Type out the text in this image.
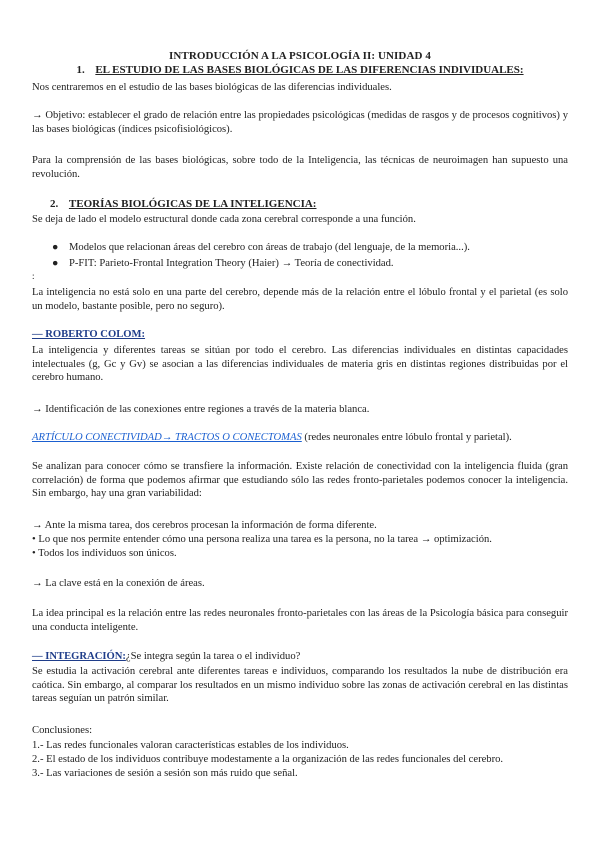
INTRODUCCIÓN A LA PSICOLOGÍA II: UNIDAD 4
1. EL ESTUDIO DE LAS BASES BIOLÓGICAS DE LAS DIFERENCIAS INDIVIDUALES:
Nos centraremos en el estudio de las bases biológicas de las diferencias individuales.
→ Objetivo: establecer el grado de relación entre las propiedades psicológicas (medidas de rasgos y de procesos cognitivos) y las bases biológicas (índices psicofisiológicos).
Para la comprensión de las bases biológicas, sobre todo de la Inteligencia, las técnicas de neuroimagen han supuesto una revolución.
2. TEORÍAS BIOLÓGICAS DE LA INTELIGENCIA:
Se deja de lado el modelo estructural donde cada zona cerebral corresponde a una función.
● Modelos que relacionan áreas del cerebro con áreas de trabajo (del lenguaje, de la memoria...).
● P-FIT: Parieto-Frontal Integration Theory (Haier) → Teoría de conectividad.
:
La inteligencia no está solo en una parte del cerebro, depende más de la relación entre el lóbulo frontal y el parietal (es solo un modelo, bastante posible, pero no seguro).
— ROBERTO COLOM:
La inteligencia y diferentes tareas se sitúan por todo el cerebro. Las diferencias individuales en distintas capacidades intelectuales (g, Gc y Gv) se asocian a las diferencias individuales de materia gris en distintas regiones distribuidas por el cerebro humano.
→ Identificación de las conexiones entre regiones a través de la materia blanca.
ARTÍCULO CONECTIVIDAD→ TRACTOS O CONECTOMAS (redes neuronales entre lóbulo frontal y parietal).
Se analizan para conocer cómo se transfiere la información. Existe relación de conectividad con la inteligencia fluida (gran correlación) de forma que podemos afirmar que estudiando sólo las redes fronto-parietales podemos conocer la inteligencia. Sin embargo, hay una gran variabilidad:
→ Ante la misma tarea, dos cerebros procesan la información de forma diferente.
• Lo que nos permite entender cómo una persona realiza una tarea es la persona, no la tarea → optimización.
• Todos los individuos son únicos.
→ La clave está en la conexión de áreas.
La idea principal es la relación entre las redes neuronales fronto-parietales con las áreas de la Psicología básica para conseguir una conducta inteligente.
— INTEGRACIÓN:¿Se integra según la tarea o el individuo?
Se estudia la activación cerebral ante diferentes tareas e individuos, comparando los resultados la nube de distribución era caótica. Sin embargo, al comparar los resultados en un mismo individuo sobre las zonas de activación cerebral en las distintas tareas seguían un patrón similar.
Conclusiones:
1.- Las redes funcionales valoran características estables de los individuos.
2.- El estado de los individuos contribuye modestamente a la organización de las redes funcionales del cerebro.
3.- Las variaciones de sesión a sesión son más ruido que señal.
